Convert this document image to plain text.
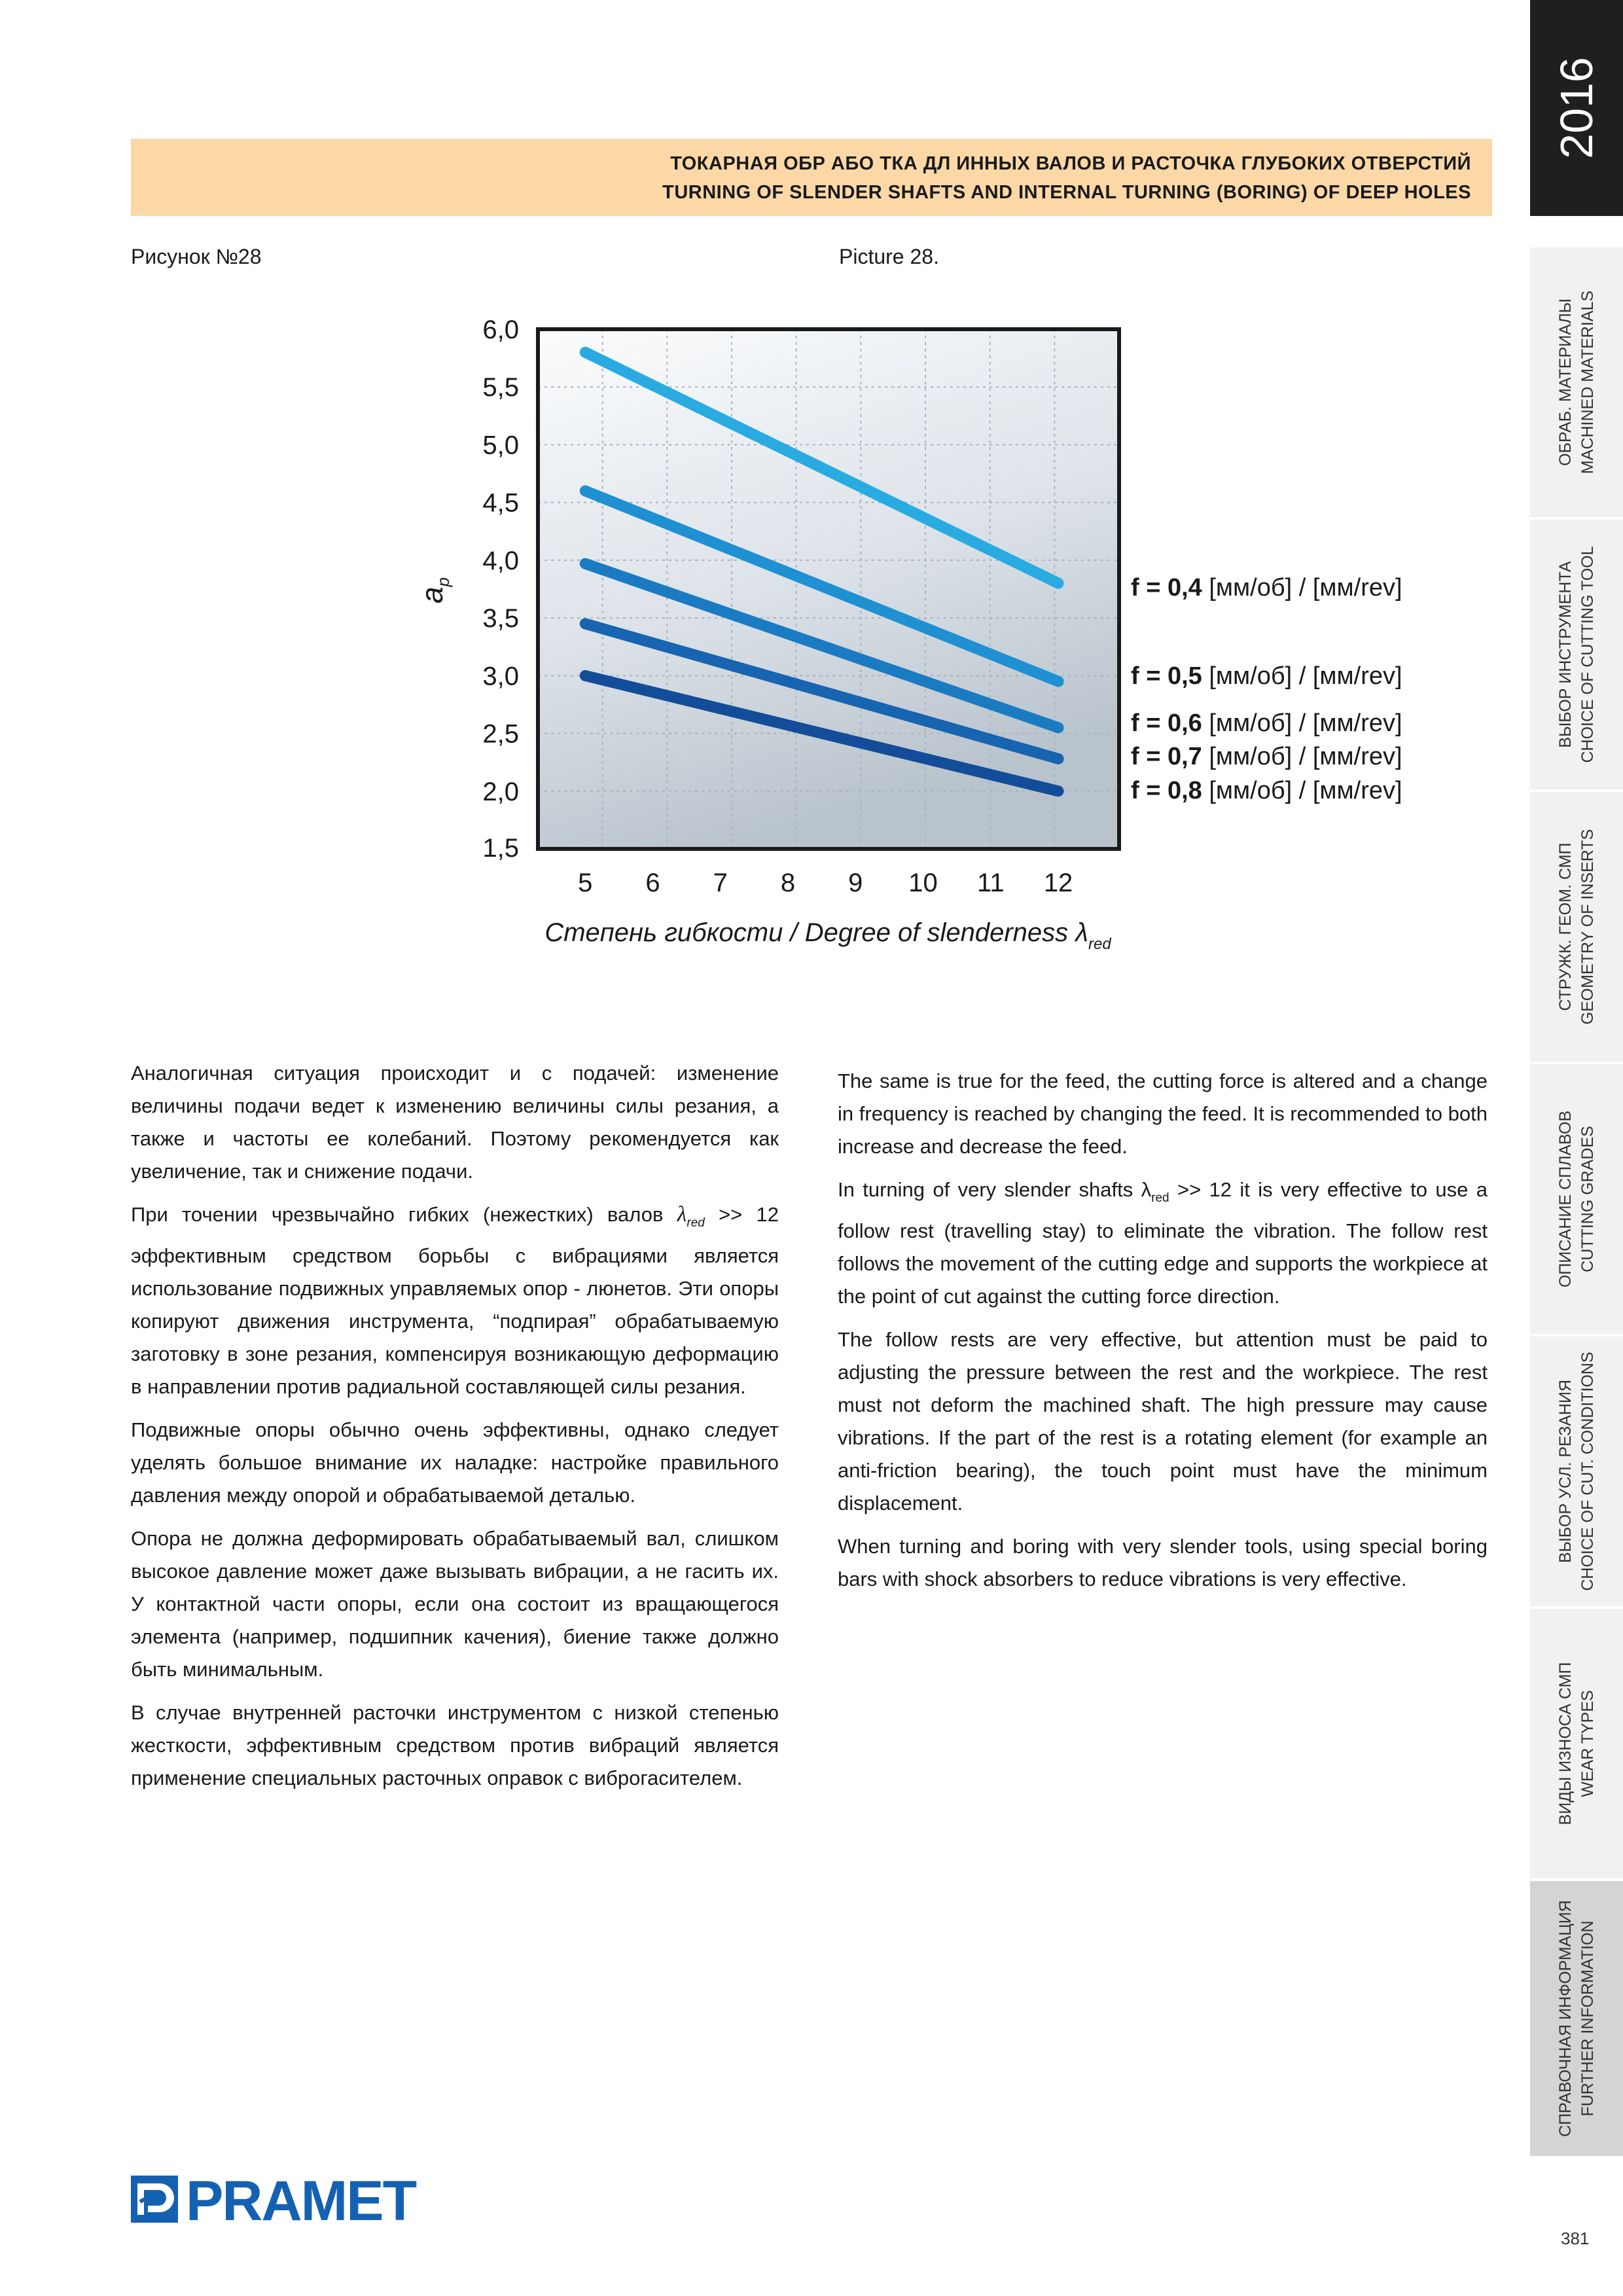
ТОКАРНАЯ ОБР АБО ТКА ДЛ ИННЫХ ВАЛОВ И РАСТОЧКА ГЛУБОКИХ ОТВЕРСТИЙ
TURNING OF SLENDER SHAFTS AND INTERNAL TURNING (BORING) OF DEEP HOLES
Рисунок №28	Picture 28.
1,5
2,0
2,5
3,0
3,5
4,0
4,5
5,0
5,5
6,0
5 6 7 8 9 10 11 12
f = 0,4 [мм/об] / [мм/rev]
f = 0,5 [мм/об] / [мм/rev]
f = 0,6 [мм/об] / [мм/rev]
f = 0,7 [мм/об] / [мм/rev]
f = 0,8 [мм/об] / [мм/rev]
Степень гибкости / Degree of slenderness $\lambda_{red}$
$a_p$

Аналогичная ситуация происходит и с подачей: изменение величины подачи ведет к изменению величины силы резания, а также и частоты ее колебаний. Поэтому рекомендуется как увеличение, так и снижение подачи.

При точении чрезвычайно гибких (нежестких) валов $\lambda_{red} >> 12$ эффективным средством борьбы с вибрациями является использование подвижных управляемых опор - люнетов. Эти опоры копируют движения инструмента, “подпирая” обрабатываемую заготовку в зоне резания, компенсируя возникающую деформацию в направлении против радиальной составляющей силы резания.

Подвижные опоры обычно очень эффективны, однако следует уделять большое внимание их наладке: настройке правильного давления между опорой и обрабатываемой деталью.

Опора не должна деформировать обрабатываемый вал, слишком высокое давление может даже вызывать вибрации, а не гасить их. У контактной части опоры, если она состоит из вращающегося элемента (например, подшипник качения), биение также должно быть минимальным.

В случае внутренней расточки инструментом с низкой степенью жесткости, эффективным средством против вибраций является применение специальных расточных оправок с виброгасителем.

The same is true for the feed, the cutting force is altered and a change in frequency is reached by changing the feed. It is recommended to both increase and decrease the feed.

In turning of very slender shafts $\lambda_{red} >> 12$ it is very effective to use a follow rest (travelling stay) to eliminate the vibration. The follow rest follows the movement of the cutting edge and supports the workpiece at the point of cut against the cutting force direction.

The follow rests are very effective, but attention must be paid to adjusting the pressure between the rest and the workpiece. The rest must not deform the machined shaft. The high pressure may cause vibrations. If the part of the rest is a rotating element (for example an anti-friction bearing), the touch point must have the minimum displacement.

When turning and boring with very slender tools, using special boring bars with shock absorbers to reduce vibrations is very effective.

2016
ОБРАБ. МАТЕРИАЛЫ MACHINED MATERIALS
ВЫБОР ИНСТРУМЕНТА CHOICE OF CUTTING TOOL
СТРУЖК. ГЕОМ. СМП GEOMETRY OF INSERTS
ОПИСАНИЕ СПЛАВОВ CUTTING GRADES
ВЫБОР УСЛ. РЕЗАНИЯ CHOICE OF CUT. CONDITIONS
ВИДЫ ИЗНОСА СМП WEAR TYPES
СПРАВОЧНАЯ ИНФОРМАЦИЯ FURTHER INFORMATION
381
PRAMET
